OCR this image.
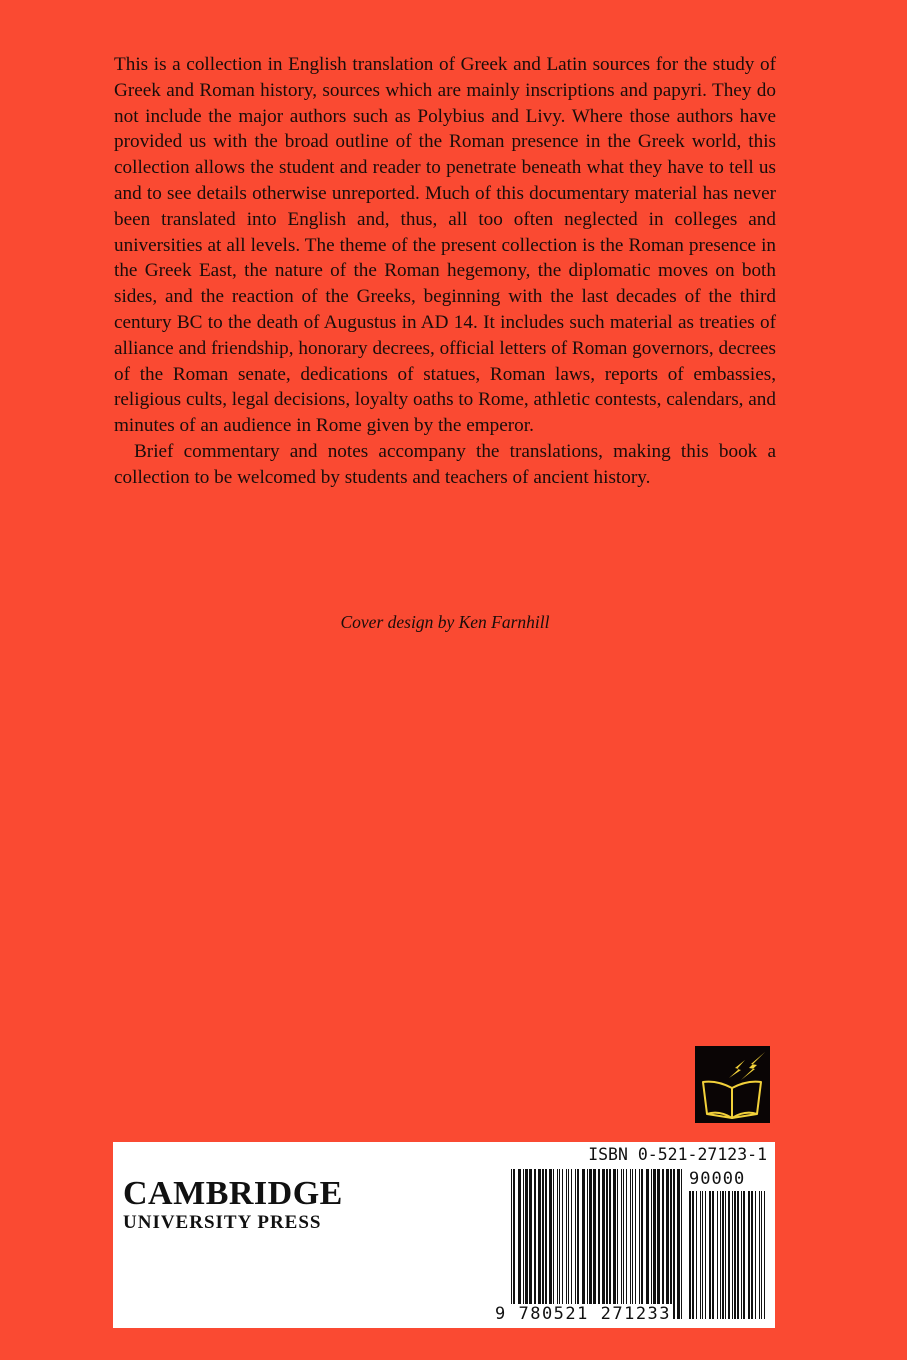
This is a collection in English translation of Greek and Latin sources for the study of Greek and Roman history, sources which are mainly inscriptions and papyri. They do not include the major authors such as Polybius and Livy. Where those authors have provided us with the broad outline of the Roman presence in the Greek world, this collection allows the student and reader to penetrate beneath what they have to tell us and to see details otherwise unreported. Much of this documentary material has never been translated into English and, thus, all too often neglected in colleges and universities at all levels. The theme of the present collection is the Roman presence in the Greek East, the nature of the Roman hegemony, the diplomatic moves on both sides, and the reaction of the Greeks, beginning with the last decades of the third century BC to the death of Augustus in AD 14. It includes such material as treaties of alliance and friendship, honorary decrees, official letters of Roman governors, decrees of the Roman senate, dedications of statues, Roman laws, reports of embassies, religious cults, legal decisions, loyalty oaths to Rome, athletic contests, calendars, and minutes of an audience in Rome given by the emperor.

Brief commentary and notes accompany the translations, making this book a collection to be welcomed by students and teachers of ancient history.

Cover design by Ken Farnhill
CAMBRIDGE
UNIVERSITY PRESS
ISBN 0-521-27123-1
90000
9 780521 271233
